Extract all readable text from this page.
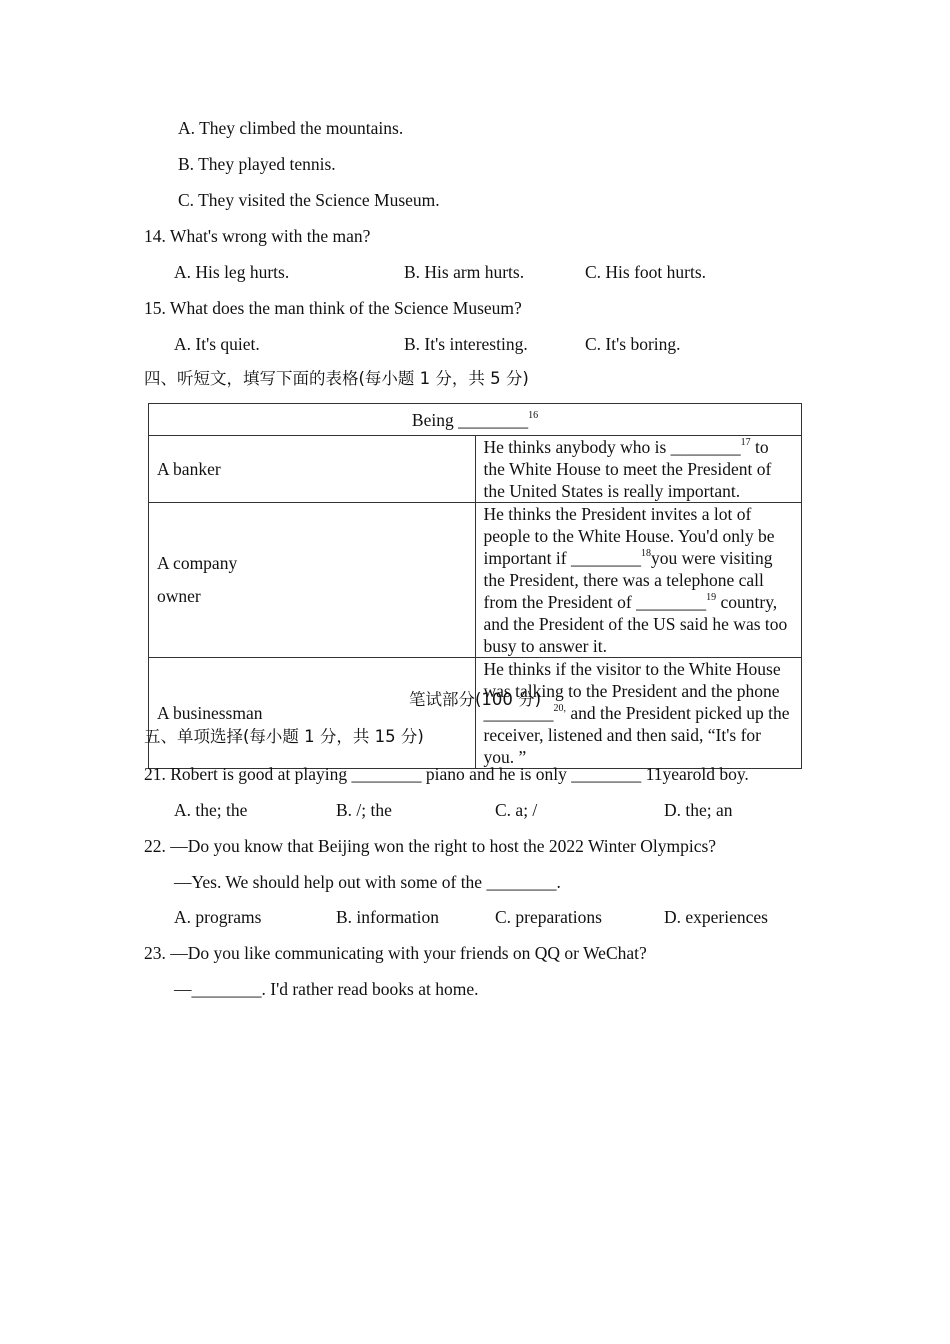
A. They climbed the mountains.
B. They played tennis.
C. They visited the Science Museum.
14. What's wrong with the man?
A. His leg hurts.	B. His arm hurts.	C. His foot hurts.
15. What does the man think of the Science Museum?
A. It's quiet.	B. It's interesting.	C. It's boring.
四、听短文，填写下面的表格(每小题 1 分，共 5 分)
Being ________$^{16}$
A banker	He thinks anybody who is ________$^{17}$ to the White House to meet the President of the United States is really important.

A company
owner	He thinks the President invites a lot of people to the White House. You'd only be important if ________$^{18}$you were visiting the President, there was a telephone call from the President of ________$^{19}$ country, and the President of the US said he was too busy to answer it.
A businessman	He thinks if the visitor to the White House was talking to the President and the phone ________$^{20,}$ and the President picked up the receiver, listened and then said, “It's for you. ”
笔试部分(100 分)
五、单项选择(每小题 1 分，共 15 分)
21. Robert is good at playing ________ piano and he is only ________ 11yearold boy.
A. the; the	B. /; the	C. a; /	D. the; an
22. —Do you know that Beijing won the right to host the 2022 Winter Olympics?
—Yes. We should help out with some of the ________.
A. programs	B. information	C. preparations	D. experiences
23. —Do you like communicating with your friends on QQ or WeChat?
—________. I'd rather read books at home.
